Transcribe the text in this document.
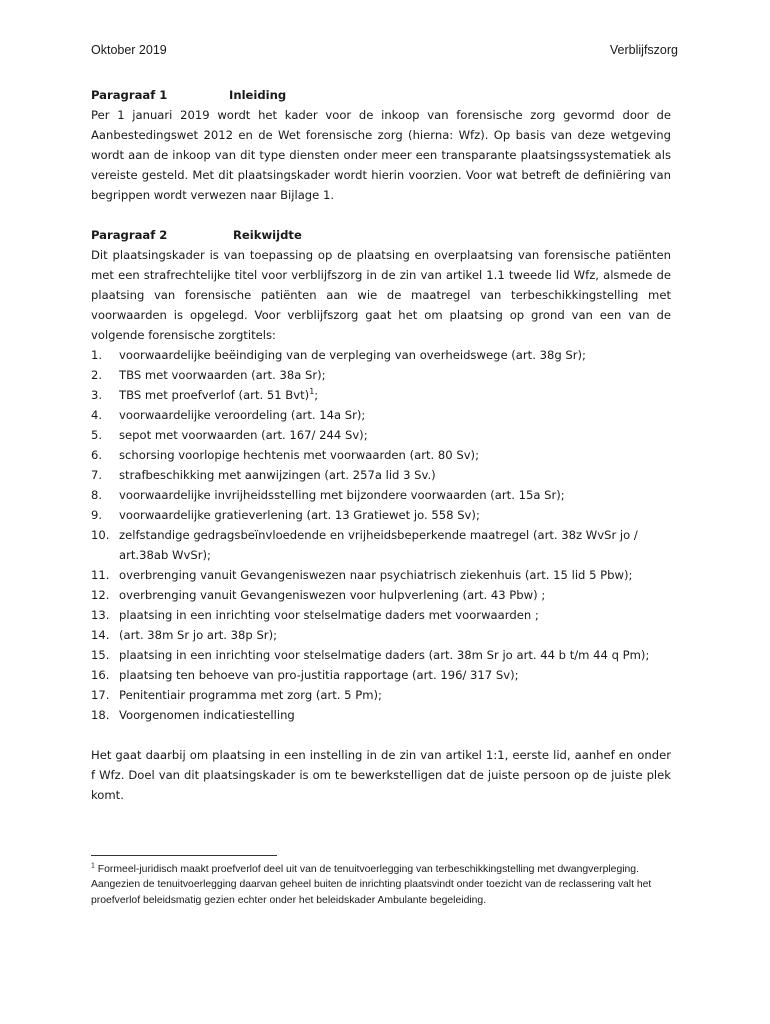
Oktober 2019	Verblijfszorg
Paragraaf 1	Inleiding
Per 1 januari 2019 wordt het kader voor de inkoop van forensische zorg gevormd door de Aanbestedingswet 2012 en de Wet forensische zorg (hierna: Wfz). Op basis van deze wetgeving wordt aan de inkoop van dit type diensten onder meer een transparante plaatsingssystematiek als vereiste gesteld. Met dit plaatsingskader wordt hierin voorzien. Voor wat betreft de definiëring van begrippen wordt verwezen naar Bijlage 1.
Paragraaf 2	Reikwijdte
Dit plaatsingskader is van toepassing op de plaatsing en overplaatsing van forensische patiënten met een strafrechtelijke titel voor verblijfszorg in de zin van artikel 1.1 tweede lid Wfz, alsmede de plaatsing van forensische patiënten aan wie de maatregel van terbeschikkingstelling met voorwaarden is opgelegd. Voor verblijfszorg gaat het om plaatsing op grond van een van de volgende forensische zorgtitels:
1. voorwaardelijke beëindiging van de verpleging van overheidswege (art. 38g Sr);
2. TBS met voorwaarden (art. 38a Sr);
3. TBS met proefverlof (art. 51 Bvt)$^1$;
4. voorwaardelijke veroordeling (art. 14a Sr);
5. sepot met voorwaarden (art. 167/ 244 Sv);
6. schorsing voorlopige hechtenis met voorwaarden (art. 80 Sv);
7. strafbeschikking met aanwijzingen (art. 257a lid 3 Sv.)
8. voorwaardelijke invrijheidsstelling met bijzondere voorwaarden (art. 15a Sr);
9. voorwaardelijke gratieverlening (art. 13 Gratiewet jo. 558 Sv);
10. zelfstandige gedragsbeïnvloedende en vrijheidsbeperkende maatregel (art. 38z WvSr jo / art.38ab WvSr);
11. overbrenging vanuit Gevangeniswezen naar psychiatrisch ziekenhuis (art. 15 lid 5 Pbw);
12. overbrenging vanuit Gevangeniswezen voor hulpverlening (art. 43 Pbw) ;
13. plaatsing in een inrichting voor stelselmatige daders met voorwaarden ;
14. (art. 38m Sr jo art. 38p Sr);
15. plaatsing in een inrichting voor stelselmatige daders (art. 38m Sr jo art. 44 b t/m 44 q Pm);
16. plaatsing ten behoeve van pro-justitia rapportage (art. 196/ 317 Sv);
17. Penitentiair programma met zorg (art. 5 Pm);
18. Voorgenomen indicatiestelling
Het gaat daarbij om plaatsing in een instelling in de zin van artikel 1:1, eerste lid, aanhef en onder f Wfz. Doel van dit plaatsingskader is om te bewerkstelligen dat de juiste persoon op de juiste plek komt.
$^1$ Formeel-juridisch maakt proefverlof deel uit van de tenuitvoerlegging van terbeschikkingstelling met dwangverpleging. Aangezien de tenuitvoerlegging daarvan geheel buiten de inrichting plaatsvindt onder toezicht van de reclassering valt het proefverlof beleidsmatig gezien echter onder het beleidskader Ambulante begeleiding.
